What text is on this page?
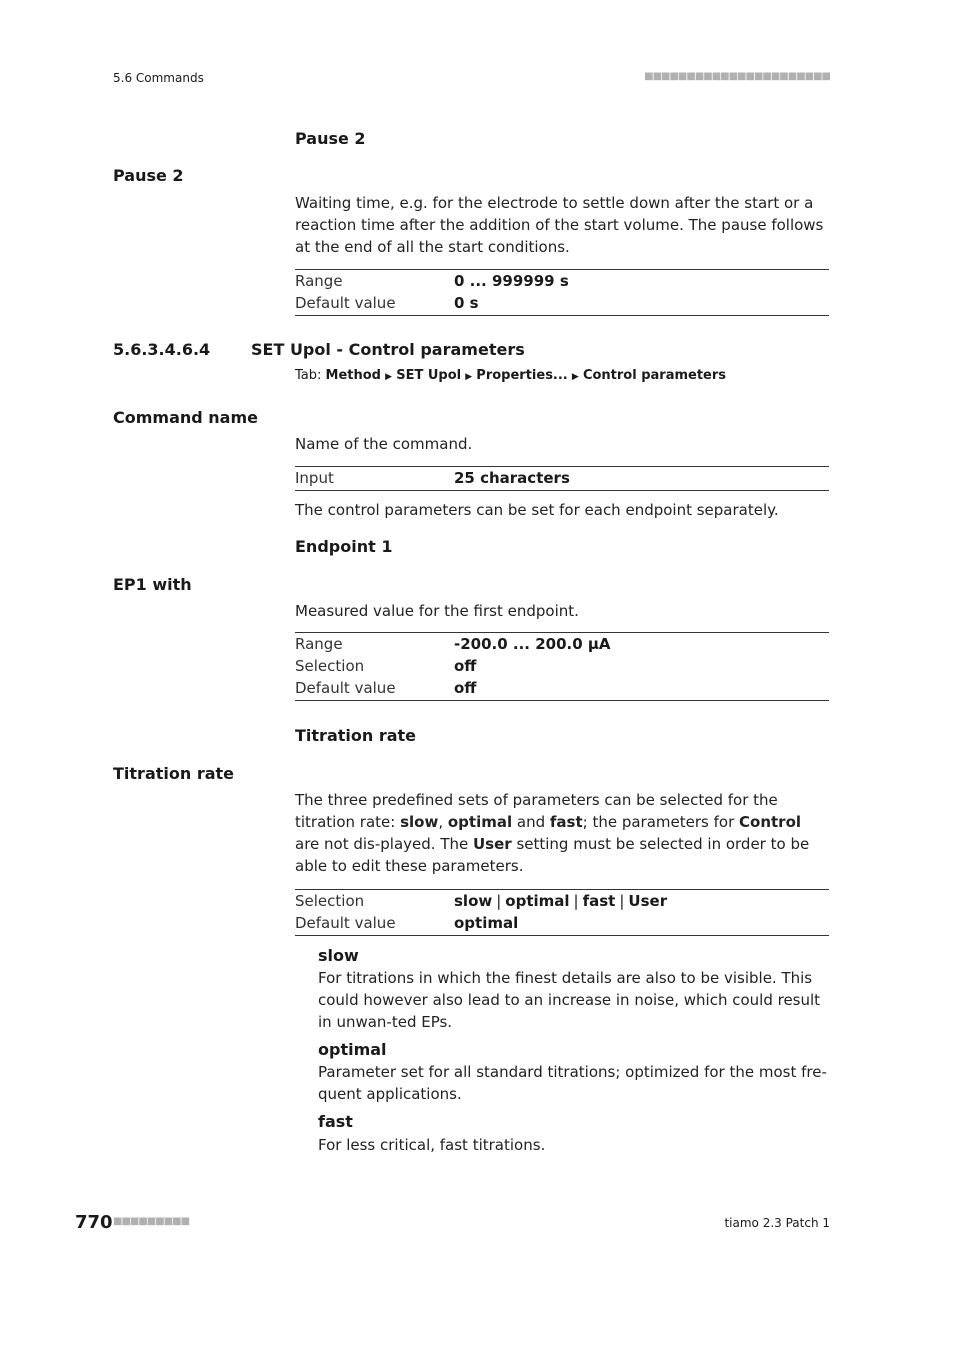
5.6 Commands	■■■■■■■■■■■■■■■■■■■■■■
Pause 2
Pause 2
Waiting time, e.g. for the electrode to settle down after the start or a reaction time after the addition of the start volume. The pause follows at the end of all the start conditions.
Range	0 ... 999999 s
Default value	0 s
5.6.3.4.6.4	SET Upol - Control parameters
Tab: Method ▶ SET Upol ▶ Properties... ▶ Control parameters
Command name
Name of the command.
Input	25 characters
The control parameters can be set for each endpoint separately.
Endpoint 1
EP1 with
Measured value for the first endpoint.
Range	-200.0 ... 200.0 µA
Selection	off
Default value	off
Titration rate
Titration rate
The three predefined sets of parameters can be selected for the titration rate: slow, optimal and fast; the parameters for Control are not dis-played. The User setting must be selected in order to be able to edit these parameters.
Selection	slow | optimal | fast | User
Default value	optimal
slow
For titrations in which the finest details are also to be visible. This could however also lead to an increase in noise, which could result in unwan-ted EPs.
optimal
Parameter set for all standard titrations; optimized for the most fre-quent applications.
fast
For less critical, fast titrations.
770 ■■■■■■■■■	tiamo 2.3 Patch 1
